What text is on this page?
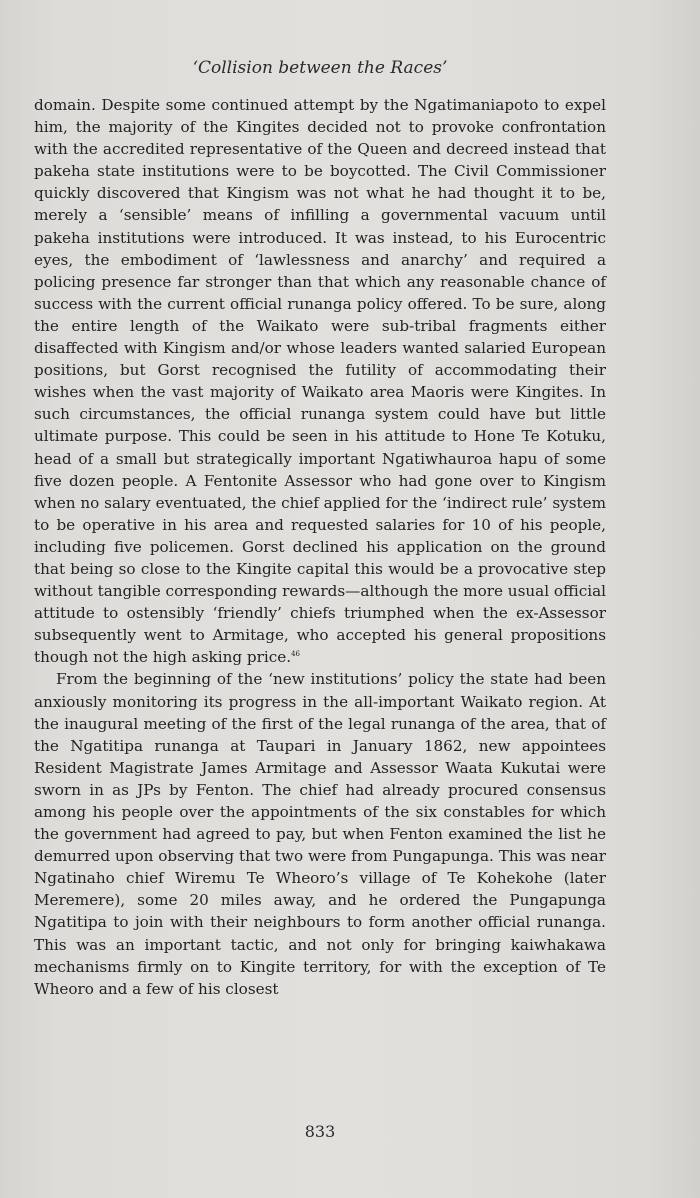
‘Collision between the Races’

domain. Despite some continued attempt by the Ngatimaniapoto to expel him, the majority of the Kingites decided not to provoke confrontation with the accredited representative of the Queen and decreed instead that pakeha state institutions were to be boycotted. The Civil Commissioner quickly discovered that Kingism was not what he had thought it to be, merely a ‘sensible’ means of infilling a governmental vacuum until pakeha institutions were introduced. It was instead, to his Eurocentric eyes, the embodiment of ‘lawlessness and anarchy’ and required a policing presence far stronger than that which any reasonable chance of success with the current official runanga policy offered. To be sure, along the entire length of the Waikato were sub-tribal fragments either disaffected with Kingism and/or whose leaders wanted salaried European positions, but Gorst recognised the futility of accommodating their wishes when the vast majority of Waikato area Maoris were Kingites. In such circumstances, the official runanga system could have but little ultimate purpose. This could be seen in his attitude to Hone Te Kotuku, head of a small but strategically important Ngatiwhauroa hapu of some five dozen people. A Fentonite Assessor who had gone over to Kingism when no salary eventuated, the chief applied for the ‘indirect rule’ system to be operative in his area and requested salaries for 10 of his people, including five policemen. Gorst declined his application on the ground that being so close to the Kingite capital this would be a provocative step without tangible corresponding rewards—although the more usual official attitude to ostensibly ‘friendly’ chiefs triumphed when the ex-Assessor subsequently went to Armitage, who accepted his general propositions though not the high asking price.$^{46}$

From the beginning of the ‘new institutions’ policy the state had been anxiously monitoring its progress in the all-important Waikato region. At the inaugural meeting of the first of the legal runanga of the area, that of the Ngatitipa runanga at Taupari in January 1862, new appointees Resident Magistrate James Armitage and Assessor Waata Kukutai were sworn in as JPs by Fenton. The chief had already procured consensus among his people over the appointments of the six constables for which the government had agreed to pay, but when Fenton examined the list he demurred upon observing that two were from Pungapunga. This was near Ngatinaho chief Wiremu Te Wheoro’s village of Te Kohekohe (later Meremere), some 20 miles away, and he ordered the Pungapunga Ngatitipa to join with their neighbours to form another official runanga. This was an important tactic, and not only for bringing kaiwhakawa mechanisms firmly on to Kingite territory, for with the exception of Te Wheoro and a few of his closest

833
